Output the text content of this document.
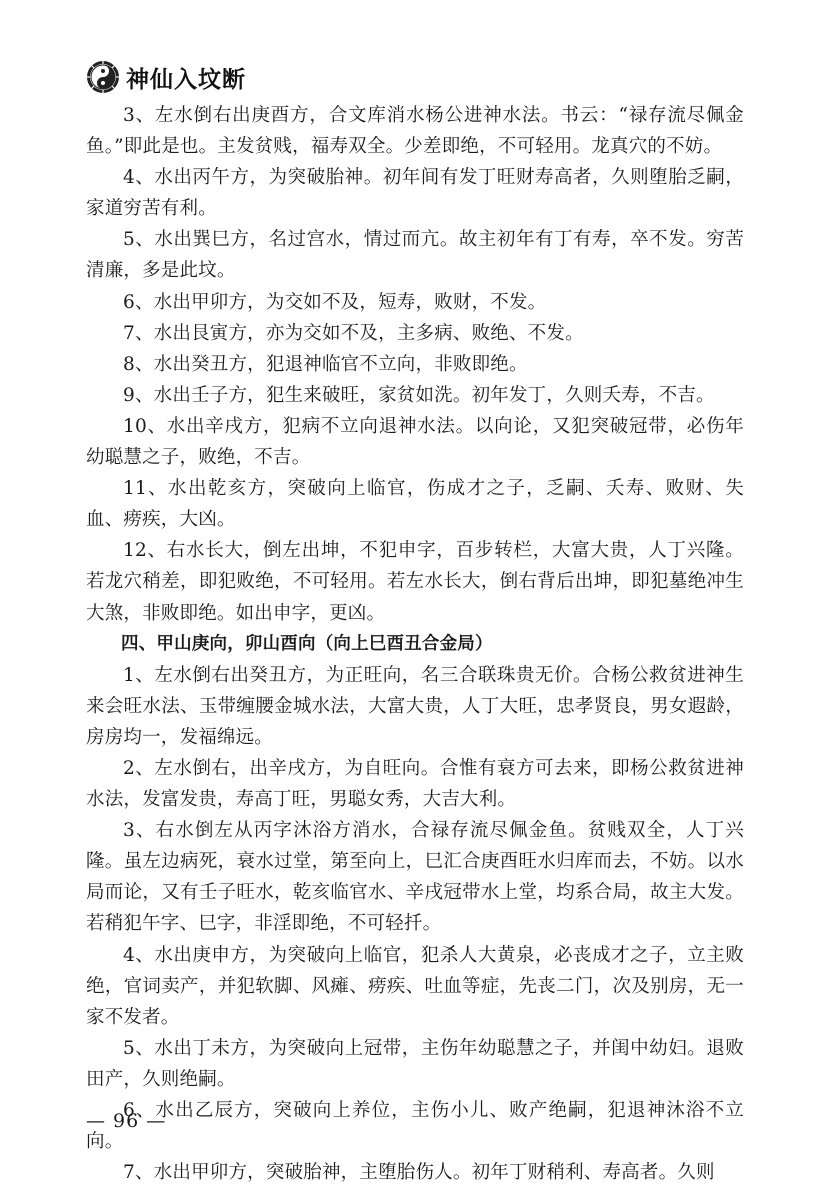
神仙入坟断

3、左水倒右出庚酉方，合文库消水杨公进神水法。书云：“禄存流尽佩金鱼。”即此是也。主发贫贱，福寿双全。少差即绝，不可轻用。龙真穴的不妨。

4、水出丙午方，为突破胎神。初年间有发丁旺财寿高者，久则堕胎乏嗣，家道穷苦有利。

5、水出巽巳方，名过宫水，情过而亢。故主初年有丁有寿，卒不发。穷苦清廉，多是此坟。

6、水出甲卯方，为交如不及，短寿，败财，不发。

7、水出艮寅方，亦为交如不及，主多病、败绝、不发。

8、水出癸丑方，犯退神临官不立向，非败即绝。

9、水出壬子方，犯生来破旺，家贫如洗。初年发丁，久则夭寿，不吉。

10、水出辛戌方，犯病不立向退神水法。以向论，又犯突破冠带，必伤年幼聪慧之子，败绝，不吉。

11、水出乾亥方，突破向上临官，伤成才之子，乏嗣、夭寿、败财、失血、痨疾，大凶。

12、右水长大，倒左出坤，不犯申字，百步转栏，大富大贵，人丁兴隆。若龙穴稍差，即犯败绝，不可轻用。若左水长大，倒右背后出坤，即犯墓绝冲生大煞，非败即绝。如出申字，更凶。

四、甲山庚向，卯山酉向（向上巳酉丑合金局）

1、左水倒右出癸丑方，为正旺向，名三合联珠贵无价。合杨公救贫进神生来会旺水法、玉带缠腰金城水法，大富大贵，人丁大旺，忠孝贤良，男女遐龄，房房均一，发福绵远。

2、左水倒右，出辛戌方，为自旺向。合惟有衰方可去来，即杨公救贫进神水法，发富发贵，寿高丁旺，男聪女秀，大吉大利。

3、右水倒左从丙字沐浴方消水，合禄存流尽佩金鱼。贫贱双全，人丁兴隆。虽左边病死，衰水过堂，第至向上，巳汇合庚酉旺水归库而去，不妨。以水局而论，又有壬子旺水，乾亥临官水、辛戌冠带水上堂，均系合局，故主大发。若稍犯午字、巳字，非淫即绝，不可轻扦。

4、水出庚申方，为突破向上临官，犯杀人大黄泉，必丧成才之子，立主败绝，官词卖产，并犯软脚、风瘫、痨疾、吐血等症，先丧二门，次及别房，无一家不发者。

5、水出丁未方，为突破向上冠带，主伤年幼聪慧之子，并闺中幼妇。退败田产，久则绝嗣。

6、水出乙辰方，突破向上养位，主伤小儿、败产绝嗣，犯退神沐浴不立向。

7、水出甲卯方，突破胎神，主堕胎伤人。初年丁财稍利、寿高者。久则

— 96 —
